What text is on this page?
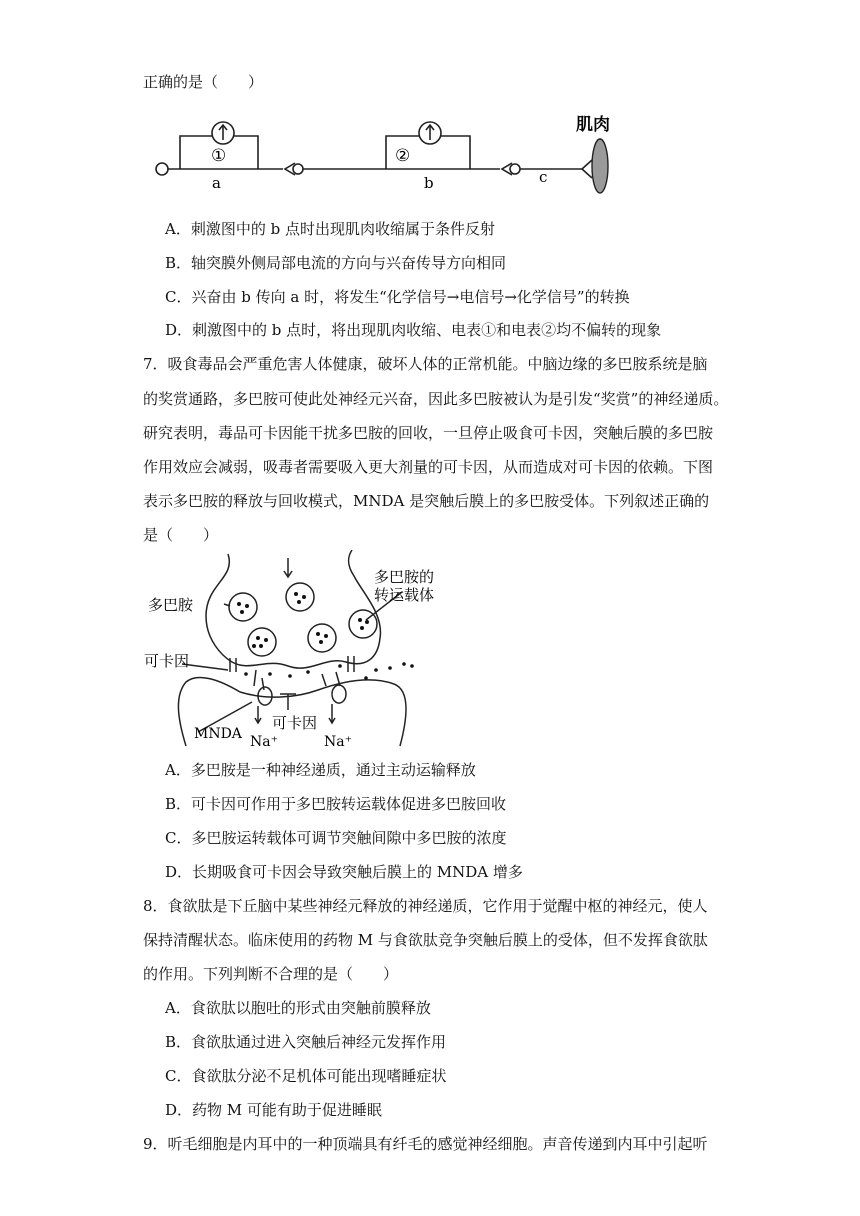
正确的是（　　）
①	②
a	b	c
肌肉
A．刺激图中的 b 点时出现肌肉收缩属于条件反射
B．轴突膜外侧局部电流的方向与兴奋传导方向相同
C．兴奋由 b 传向 a 时，将发生“化学信号→电信号→化学信号”的转换
D．刺激图中的 b 点时，将出现肌肉收缩、电表①和电表②均不偏转的现象
7．吸食毒品会严重危害人体健康，破坏人体的正常机能。中脑边缘的多巴胺系统是脑
的奖赏通路，多巴胺可使此处神经元兴奋，因此多巴胺被认为是引发“奖赏”的神经递质。
研究表明，毒品可卡因能干扰多巴胺的回收，一旦停止吸食可卡因，突触后膜的多巴胺
作用效应会减弱，吸毒者需要吸入更大剂量的可卡因，从而造成对可卡因的依赖。下图
表示多巴胺的释放与回收模式，MNDA 是突触后膜上的多巴胺受体。下列叙述正确的
是（　　）
多巴胺
多巴胺的
转运载体
可卡因
可卡因
MNDA Na⁺	Na⁺
A．多巴胺是一种神经递质，通过主动运输释放
B．可卡因可作用于多巴胺转运载体促进多巴胺回收
C．多巴胺运转载体可调节突触间隙中多巴胺的浓度
D．长期吸食可卡因会导致突触后膜上的 MNDA 增多
8．食欲肽是下丘脑中某些神经元释放的神经递质，它作用于觉醒中枢的神经元，使人
保持清醒状态。临床使用的药物 M 与食欲肽竞争突触后膜上的受体，但不发挥食欲肽
的作用。下列判断不合理的是（　　）
A．食欲肽以胞吐的形式由突触前膜释放
B．食欲肽通过进入突触后神经元发挥作用
C．食欲肽分泌不足机体可能出现嗜睡症状
D．药物 M 可能有助于促进睡眠
9．听毛细胞是内耳中的一种顶端具有纤毛的感觉神经细胞。声音传递到内耳中引起听
